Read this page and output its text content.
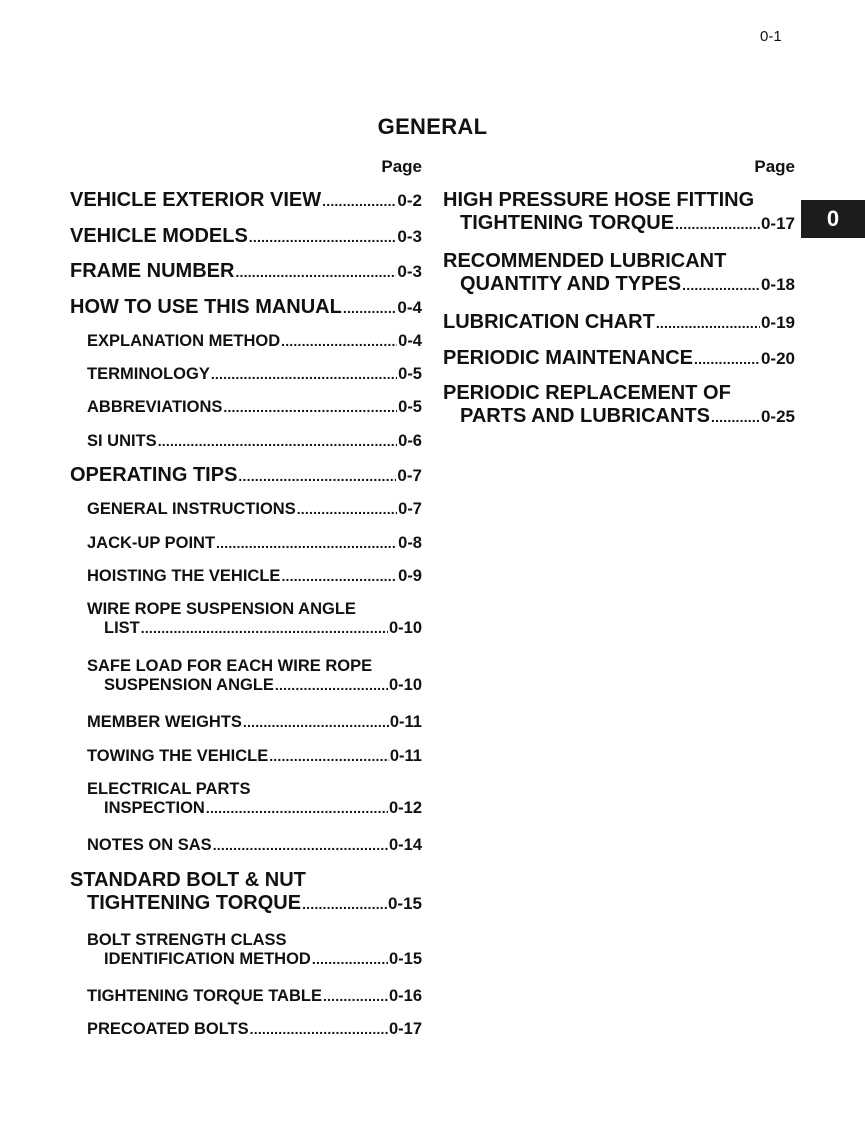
0-1
GENERAL
0
Page	Page
VEHICLE EXTERIOR VIEW .....	0-2
VEHICLE MODELS .....	0-3
FRAME NUMBER .....	0-3
HOW TO USE THIS MANUAL .....	0-4
EXPLANATION METHOD .....	0-4
TERMINOLOGY .....	0-5
ABBREVIATIONS .....	0-5
SI UNITS .....	0-6
OPERATING TIPS .....	0-7
GENERAL INSTRUCTIONS .....	0-7
JACK-UP POINT .....	0-8
HOISTING THE VEHICLE .....	0-9
WIRE ROPE SUSPENSION ANGLE
LIST .....	0-10
SAFE LOAD FOR EACH WIRE ROPE
SUSPENSION ANGLE .....	0-10
MEMBER WEIGHTS .....	0-11
TOWING THE VEHICLE .....	0-11
ELECTRICAL PARTS
INSPECTION .....	0-12
NOTES ON SAS .....	0-14
STANDARD BOLT & NUT
TIGHTENING TORQUE .....	0-15
BOLT STRENGTH CLASS
IDENTIFICATION METHOD .....	0-15
TIGHTENING TORQUE TABLE .....	0-16
PRECOATED BOLTS .....	0-17
HIGH PRESSURE HOSE FITTING
TIGHTENING TORQUE .....	0-17
RECOMMENDED LUBRICANT
QUANTITY AND TYPES .....	0-18
LUBRICATION CHART .....	0-19
PERIODIC MAINTENANCE .....	0-20
PERIODIC REPLACEMENT OF
PARTS AND LUBRICANTS .....	0-25
